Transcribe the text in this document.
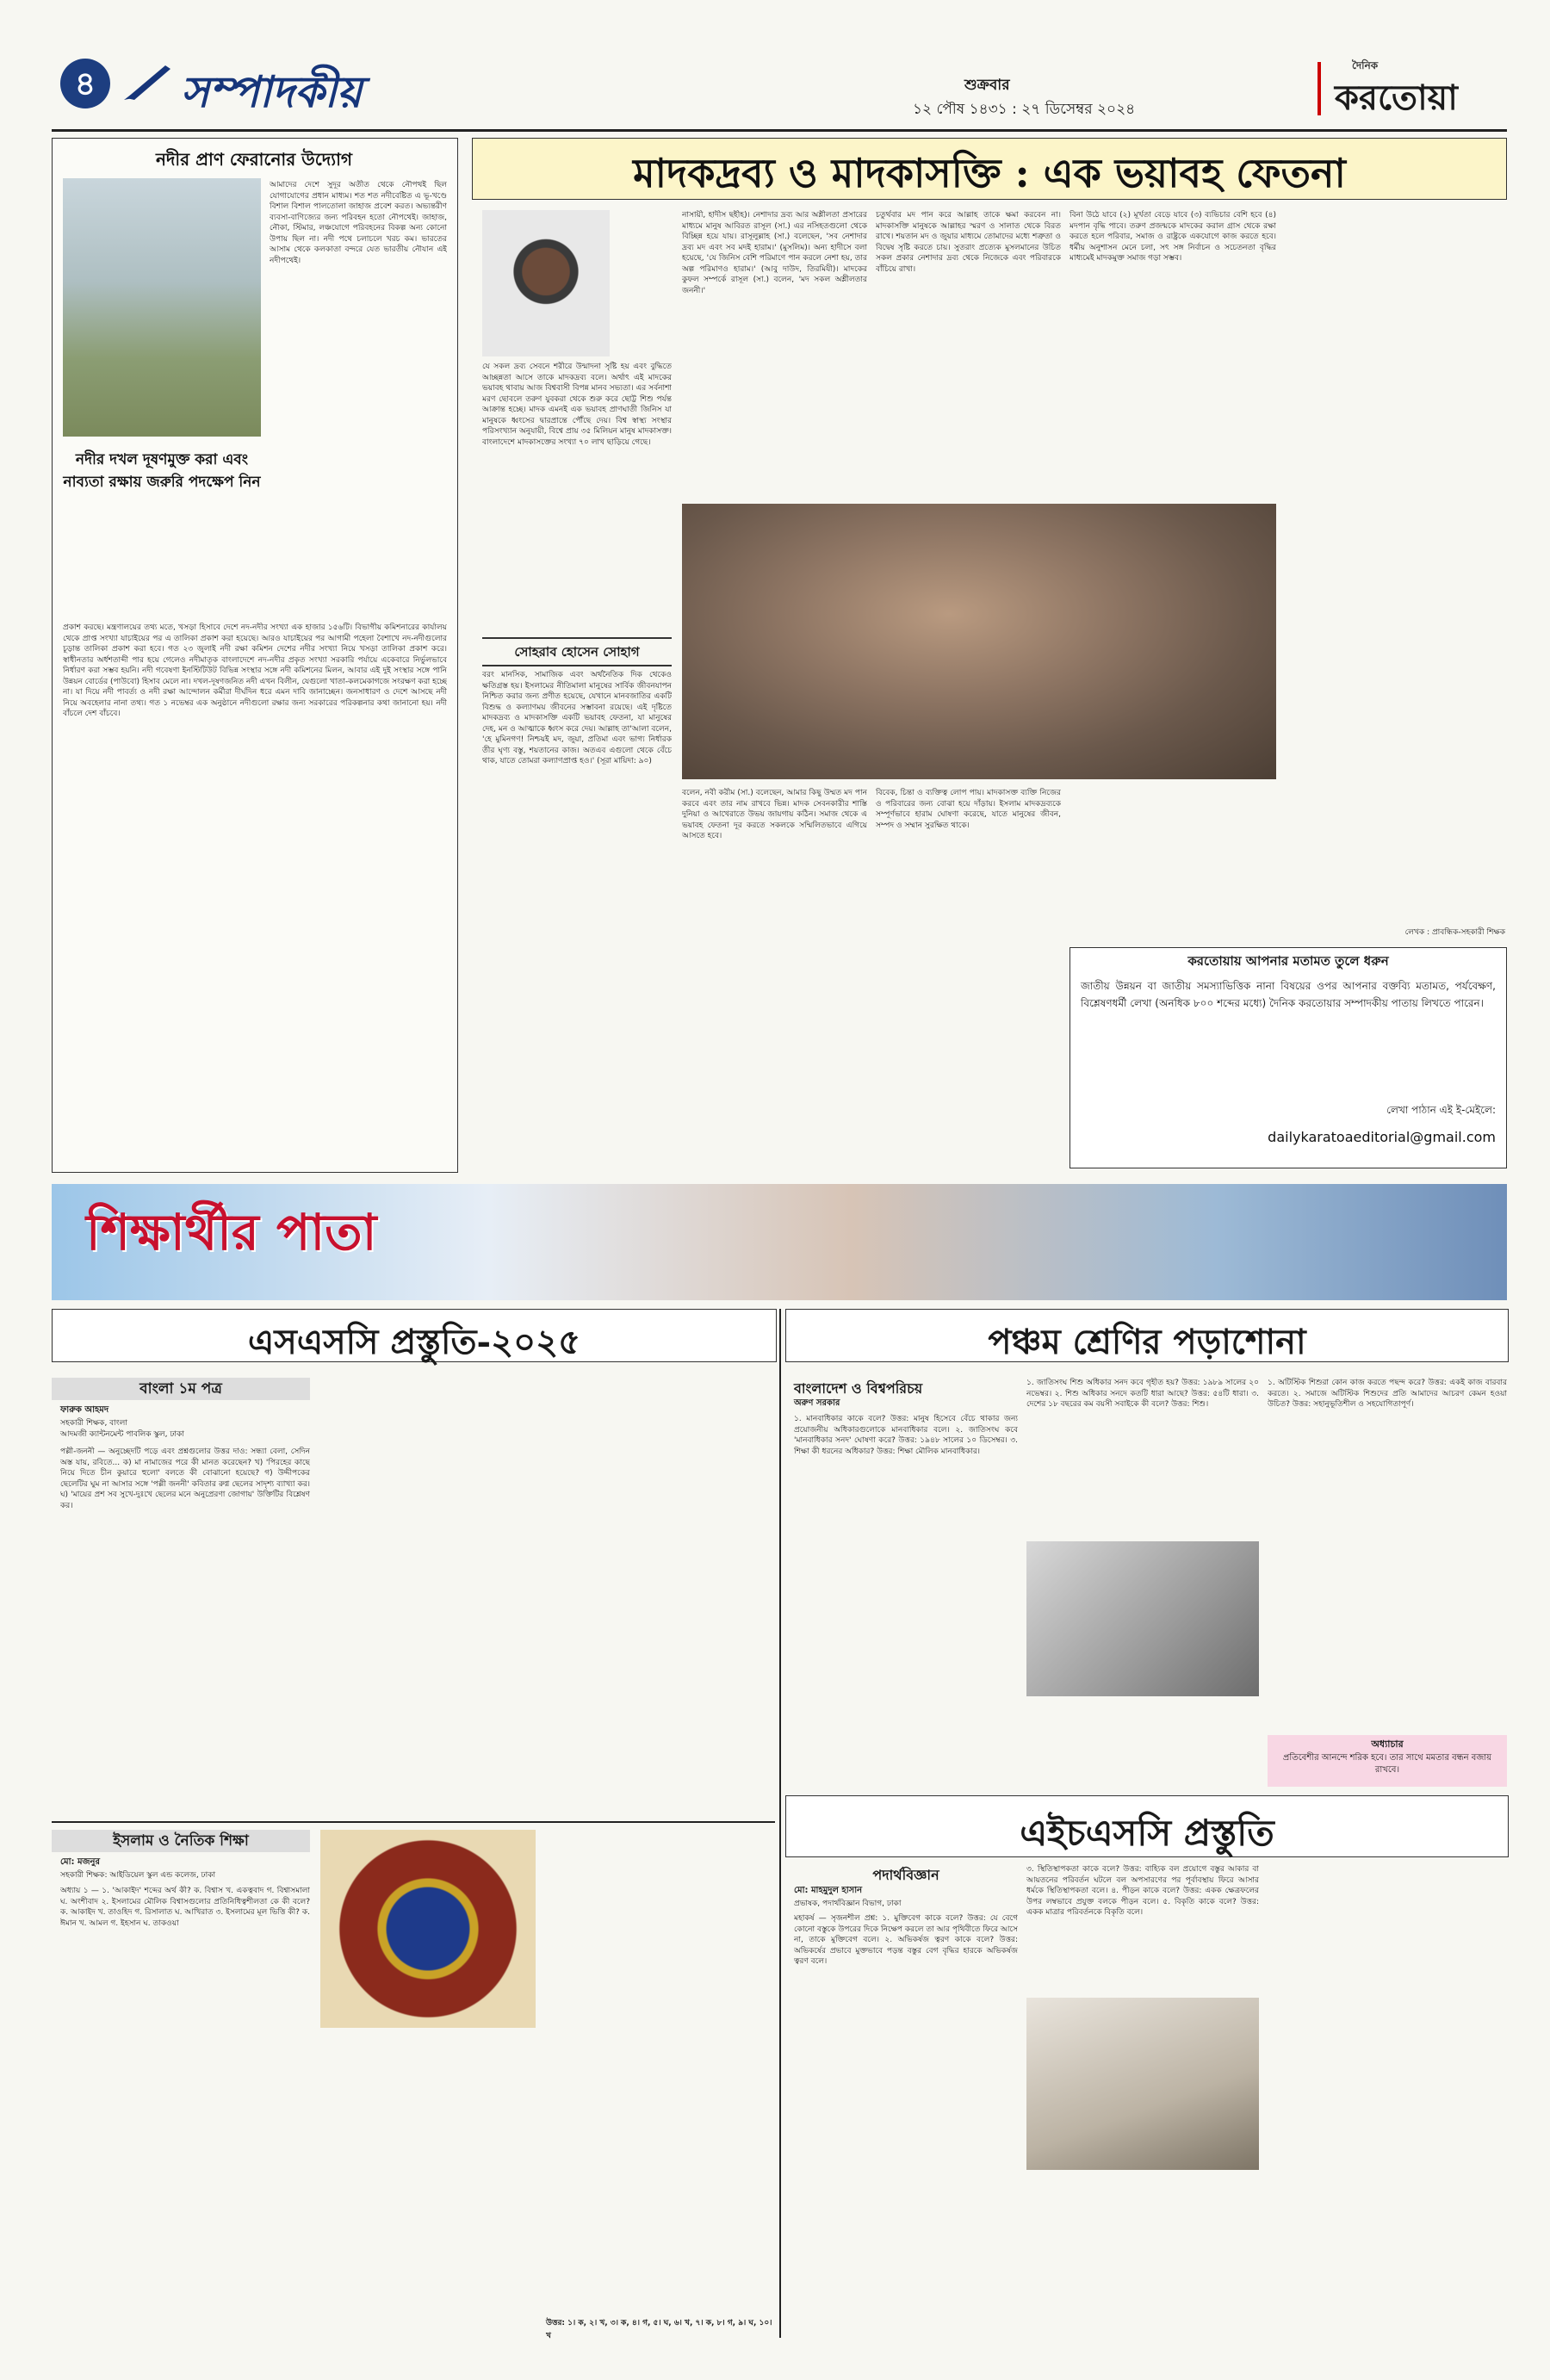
৪	সম্পাদকীয়	শুক্রবার
১২ পৌষ ১৪৩১ : ২৭ ডিসেম্বর ২০২৪
দৈনিক
করতোয়া
নদীর প্রাণ ফেরানোর উদ্যোগ
আমাদের দেশে সুদূর অতীত থেকে নৌপথই ছিল যোগাযোগের প্রধান মাধ্যম। শত শত নদীবেষ্টিত এ ভূ-খণ্ডে বিশাল বিশাল পালতোলা জাহাজ প্রবেশ করত। অভ্যন্তরীণ ব্যবসা-বাণিজ্যের জন্য পরিবহন হতো নৌপথেই। জাহাজ, নৌকা, স্টিমার, লঞ্চযোগে পরিবহনের বিকল্প অন্য কোনো উপায় ছিল না। নদী পথে চলাচলে খরচ কম। ভারতের আসাম থেকে কলকাতা বন্দরে যেত ভারতীয় নৌযান এই নদীপথেই।
নদীর দখল দূষণমুক্ত করা এবং নাব্যতা রক্ষায় জরুরি পদক্ষেপ নিন
প্রকাশ করছে। মন্ত্রণালয়ের তথ্য মতে, খসড়া হিসাবে দেশে নদ-নদীর সংখ্যা এক হাজার ১৫৬টি। বিভাগীয় কমিশনারের কার্যালয় থেকে প্রাপ্ত সংখ্যা যাচাইয়ের পর এ তালিকা প্রকাশ করা হয়েছে। আরও যাচাইয়ের পর আগামী পহেলা বৈশাখে নদ-নদীগুলোর চূড়ান্ত তালিকা প্রকাশ করা হবে। গত ২৩ জুলাই নদী রক্ষা কমিশন দেশের নদীর সংখ্যা নিয়ে খসড়া তালিকা প্রকাশ করে। স্বাধীনতার অর্ধশতাব্দী পার হয়ে গেলেও নদীমাতৃক বাংলাদেশে নদ-নদীর প্রকৃত সংখ্যা সরকারি পর্যায়ে একেবারে নির্ভুলভাবে নির্ধারণ করা সম্ভব হয়নি। নদী গবেষণা ইনস্টিটিউট বিভিন্ন সংস্থার সঙ্গে নদী কমিশনের মিলন, আবার এই দুই সংস্থার সঙ্গে পানি উন্নয়ন বোর্ডের (পাউবো) হিসাব মেলে না। দখল-দূষণজনিত নদী এখন বিলীন, যেগুলো খাতা-কলমেকাগজে সংরক্ষণ করা হচ্ছে না। যা দিয়ে নদী পাবর্ত্য ও নদী রক্ষা আন্দোলন কর্মীরা দীর্ঘদিন ধরে এমন দাবি জানাচ্ছেন। জনসাধারণ ও দেশে আসছে নদী নিয়ে অবহেলার নানা তথ্য। গত ১ নভেম্বর এক অনুষ্ঠানে নদীগুলো রক্ষার জন্য সরকারের পরিকল্পনার কথা জানানো হয়। নদী বাঁচলে দেশ বাঁচবে।
মাদকদ্রব্য ও মাদকাসক্তি : এক ভয়াবহ ফেতনা
যে সকল দ্রব্য সেবনে শরীরে উন্মাদনা সৃষ্টি হয় এবং বুদ্ধিতে আচ্ছন্নতা আসে তাকে মাদকদ্রব্য বলে। অর্থাৎ এই মাদকের ভয়াবহ থাবায় আজ বিশ্ববাসী বিপন্ন মানব সভ্যতা। এর সর্বনাশা মরণ ছোবলে তরুণ যুবকরা থেকে শুরু করে ছোট্ট শিশু পর্যন্ত আক্রান্ত হচ্ছে। মাদক এমনই এক ভয়াবহ প্রাণঘাতী জিনিস যা মানুষকে ধ্বংসের দ্বারপ্রান্তে পৌঁছে দেয়। বিশ্ব স্বাস্থ্য সংস্থার পরিসংখ্যান অনুযায়ী, বিশ্বে প্রায় ৩৫ মিলিয়ন মানুষ মাদকাসক্ত। বাংলাদেশে মাদকাসক্তের সংখ্যা ৭০ লাখ ছাড়িয়ে গেছে।
সোহরাব হোসেন সোহাগ
বরং মানসিক, সামাজিক এবং অর্থনৈতিক দিক থেকেও ক্ষতিগ্রস্ত হয়। ইসলামের নীতিমালা মানুষের সার্বিক জীবনযাপন নিশ্চিত করার জন্য প্রণীত হয়েছে, যেখানে মানবজাতির একটি বিশুদ্ধ ও কল্যাণময় জীবনের সম্ভাবনা রয়েছে। এই দৃষ্টিতে মাদকদ্রব্য ও মাদকাসক্তি একটি ভয়াবহ ফেতনা, যা মানুষের দেহ, মন ও আত্মাকে ধ্বংস করে দেয়। আল্লাহ তা'আলা বলেন, 'হে মুমিনগণ! নিশ্চয়ই মদ, জুয়া, প্রতিমা এবং ভাগ্য নির্ধারক তীর ঘৃণ্য বস্তু, শয়তানের কাজ। অতএব এগুলো থেকে বেঁচে থাক, যাতে তোমরা কল্যাণপ্রাপ্ত হও।' (সূরা মায়িদা: ৯০)
নাসায়ী, হাদীস ছহীহ)। নেশাদার দ্রব্য আর অশ্লীলতা প্রসারের মাধ্যমে মানুষ আবিরত রাসূল (সা.) এর নসিহতগুলো থেকে বিচ্ছিন্ন হয়ে যায়। রাসূলুল্লাহ (সা.) বলেছেন, 'সব নেশাদার দ্রব্য মদ এবং সব মদই হারাম।' (মুসলিম)। অন্য হাদীসে বলা হয়েছে, 'যে জিনিস বেশি পরিমাণে পান করলে নেশা হয়, তার অল্প পরিমাণও হারাম।' (আবু দাউদ, তিরমিযী)। মাদকের কুফল সম্পর্কে রাসূল (সা.) বলেন, 'মদ সকল অশ্লীলতার জননী।'
চতুর্থবার মদ পান করে আল্লাহ তাকে ক্ষমা করবেন না। মাদকাসক্তি মানুষকে আল্লাহর স্মরণ ও সালাত থেকে বিরত রাখে। শয়তান মদ ও জুয়ার মাধ্যমে তোমাদের মধ্যে শত্রুতা ও বিদ্বেষ সৃষ্টি করতে চায়। সুতরাং প্রত্যেক মুসলমানের উচিত সকল প্রকার নেশাদার দ্রব্য থেকে নিজেকে এবং পরিবারকে বাঁচিয়ে রাখা।
বিনা উঠে যাবে (২) মূর্খতা বেড়ে যাবে (৩) ব্যভিচার বেশি হবে (৪) মদপান বৃদ্ধি পাবে। তরুণ প্রজন্মকে মাদকের করাল গ্রাস থেকে রক্ষা করতে হলে পরিবার, সমাজ ও রাষ্ট্রকে একযোগে কাজ করতে হবে। ধর্মীয় অনুশাসন মেনে চলা, সৎ সঙ্গ নির্বাচন ও সচেতনতা বৃদ্ধির মাধ্যমেই মাদকমুক্ত সমাজ গড়া সম্ভব।
বলেন, নবী করীম (সা.) বলেছেন, আমার কিছু উম্মত মদ পান করবে এবং তার নাম রাখবে ভিন্ন। মাদক সেবনকারীর শাস্তি দুনিয়া ও আখেরাতে উভয় জায়গায় কঠিন। সমাজ থেকে এ ভয়াবহ ফেতনা দূর করতে সকলকে সম্মিলিতভাবে এগিয়ে আসতে হবে।
বিবেক, চিন্তা ও ব্যক্তিত্ব লোপ পায়। মাদকাসক্ত ব্যক্তি নিজের ও পরিবারের জন্য বোঝা হয়ে দাঁড়ায়। ইসলাম মাদকদ্রব্যকে সম্পূর্ণভাবে হারাম ঘোষণা করেছে, যাতে মানুষের জীবন, সম্পদ ও সম্মান সুরক্ষিত থাকে।
লেখক : প্রাবন্ধিক-সহকারী শিক্ষক
করতোয়ায় আপনার মতামত তুলে ধরুন
জাতীয় উন্নয়ন বা জাতীয় সমস্যাভিত্তিক নানা বিষয়ের ওপর আপনার বক্তব্যি মতামত, পর্যবেক্ষণ, বিশ্লেষণধর্মী লেখা (অনধিক ৮০০ শব্দের মধ্যে) দৈনিক করতোয়ার সম্পাদকীয় পাতায় লিখতে পারেন।
লেখা পাঠান এই ই-মেইলে:
dailykaratoaeditorial@gmail.com
শিক্ষার্থীর পাতা
এসএসসি প্রস্তুতি-২০২৫	পঞ্চম শ্রেণির পড়াশোনা
বাংলা ১ম পত্র
ফারুক আহমদ
সহকারী শিক্ষক, বাংলা
আদমজী ক্যান্টনমেন্ট পাবলিক স্কুল, ঢাকা
পল্লী-জননী — অনুচ্ছেদটি পড়ে এবং প্রশ্নগুলোর উত্তর দাও: সন্ধ্যা বেলা, সেদিন অস্ত যায়, রবিতে... ক) মা নামাজের পরে কী মানত করেছেন? খ) 'পিরহের কাছে নিয়ে দিতে চীন কুয়ারে হুলো' বলতে কী বোঝানো হয়েছে? গ) উদ্দীপকের ছেলেটির ঘুম না আসার সঙ্গে 'পল্লী জননী' কবিতার রুগ্ন ছেলের সাদৃশ্য ব্যাখ্যা কর। ঘ) 'মায়ের প্রশ সব সুখে-দুঃখে ছেলের মনে অনুপ্রেরণা জোগায়' উক্তিটির বিশ্লেষণ কর।
ইসলাম ও নৈতিক শিক্ষা
মো: মজনুর
সহকারী শিক্ষক: আইডিয়েল স্কুল এন্ড কলেজ, ঢাকা
অধ্যায় ১ — ১. 'আকাইদ' শব্দের অর্থ কী? ক. বিশ্বাস খ. একত্ববাদ গ. বিশ্বাসমালা ঘ. অংশীবাদ ২. ইসলামের মৌলিক বিশ্বাসগুলোর প্রতিনিধিত্বশীলতা কে কী বলে? ক. আকাইদ খ. তাওহিদ গ. রিসালাত ঘ. আখিরাত ৩. ইসলামের মূল ভিত্তি কী? ক. ঈমান খ. আমল গ. ইহসান ঘ. তাকওয়া
বাংলাদেশ ও বিশ্বপরিচয়
অরুণ সরকার
১. মানবাধিকার কাকে বলে? উত্তর: মানুষ হিসেবে বেঁচে থাকার জন্য প্রয়োজনীয় অধিকারগুলোকে মানবাধিকার বলে। ২. জাতিসংঘ কবে 'মানবাধিকার সনদ' ঘোষণা করে? উত্তর: ১৯৪৮ সালের ১০ ডিসেম্বর। ৩. শিক্ষা কী ধরনের অধিকার? উত্তর: শিক্ষা মৌলিক মানবাধিকার।
১. জাতিসংঘ শিশু অধিকার সনদ কবে গৃহীত হয়? উত্তর: ১৯৮৯ সালের ২০ নভেম্বর। ২. শিশু অধিকার সনদে কতটি ধারা আছে? উত্তর: ৫৪টি ধারা। ৩. দেশের ১৮ বছরের কম বয়সী সবাইকে কী বলে? উত্তর: শিশু।
১. অটিস্টিক শিশুরা কোন কাজ করতে পছন্দ করে? উত্তর: একই কাজ বারবার করতে। ২. সমাজে অটিস্টিক শিশুদের প্রতি আমাদের আচরণ কেমন হওয়া উচিত? উত্তর: সহানুভূতিশীল ও সহযোগিতাপূর্ণ।
অধ্যাচার
প্রতিবেশীর আনন্দে শরিক হবে। তার সাথে মমতার বন্ধন বজায় রাখবে।
এইচএসসি প্রস্তুতি
পদার্থবিজ্ঞান
মো: মাহমুদুল হাসান
প্রভাষক, পদার্থবিজ্ঞান বিভাগ, ঢাকা
মহাকর্ষ — সৃজনশীল প্রশ্ন: ১. মুক্তিবেগ কাকে বলে? উত্তর: যে বেগে কোনো বস্তুকে উপরের দিকে নিক্ষেপ করলে তা আর পৃথিবীতে ফিরে আসে না, তাকে মুক্তিবেগ বলে। ২. অভিকর্ষজ ত্বরণ কাকে বলে? উত্তর: অভিকর্ষের প্রভাবে মুক্তভাবে পড়ন্ত বস্তুর বেগ বৃদ্ধির হারকে অভিকর্ষজ ত্বরণ বলে।
৩. স্থিতিস্থাপকতা কাকে বলে? উত্তর: বাহ্যিক বল প্রয়োগে বস্তুর আকার বা আয়তনের পরিবর্তন ঘটলে বল অপসারণের পর পূর্বাবস্থায় ফিরে আসার ধর্মকে স্থিতিস্থাপকতা বলে। ৪. পীড়ন কাকে বলে? উত্তর: একক ক্ষেত্রফলের উপর লম্বভাবে প্রযুক্ত বলকে পীড়ন বলে। ৫. বিকৃতি কাকে বলে? উত্তর: একক মাত্রার পরিবর্তনকে বিকৃতি বলে।
উত্তর: ১। ক, ২। খ, ৩। ক, ৪। গ, ৫। ঘ, ৬। খ, ৭। ক, ৮। গ, ৯। ঘ, ১০। খ
